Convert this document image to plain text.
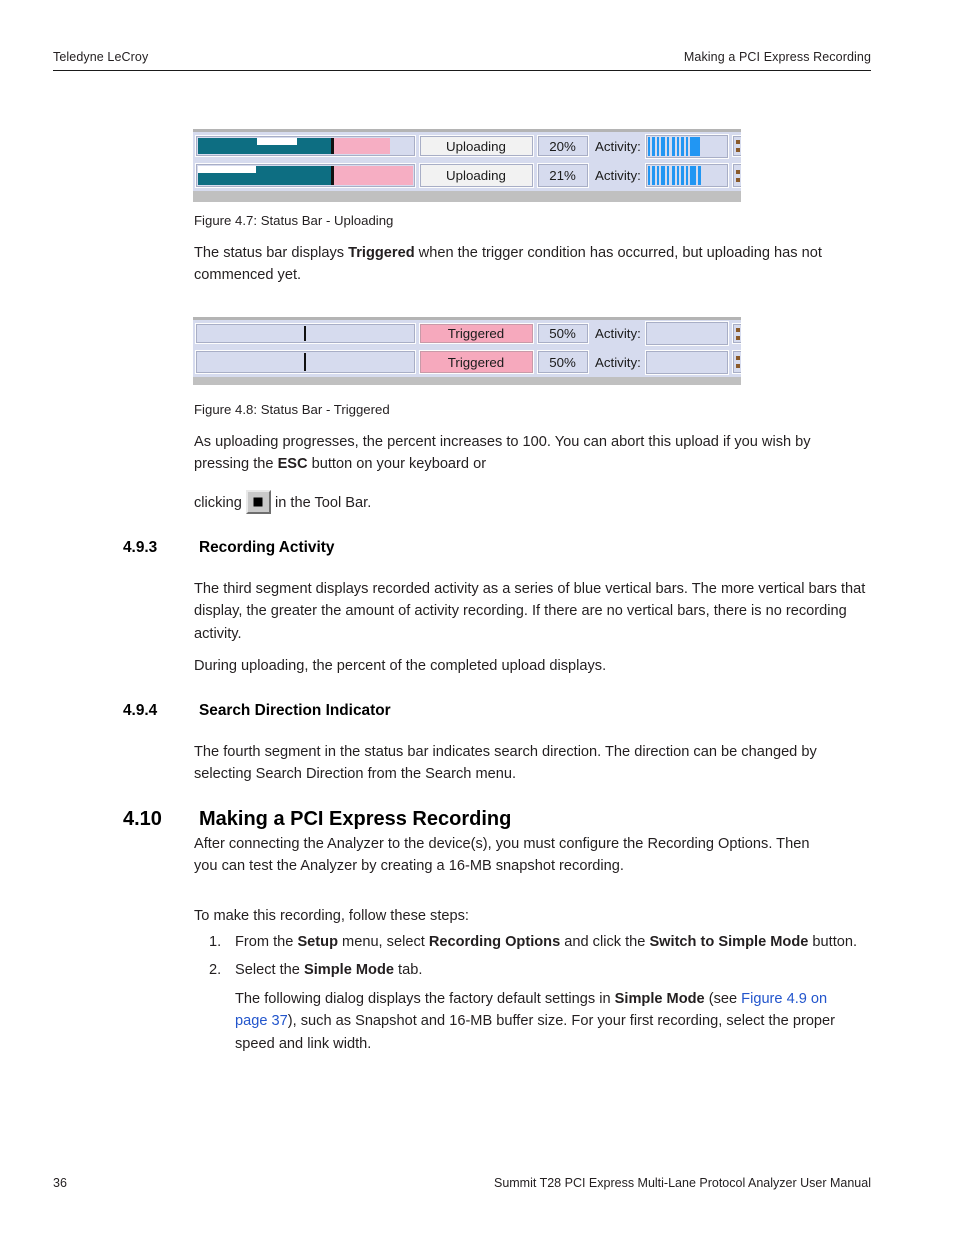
Teledyne LeCroy	Making a PCI Express Recording
Uploading	20%	Activity:
Uploading	21%	Activity:
Figure 4.7: Status Bar - Uploading

The status bar displays Triggered when the trigger condition has occurred, but uploading has not commenced yet.

Triggered	50%	Activity:
Triggered	50%	Activity:
Figure 4.8: Status Bar - Triggered

As uploading progresses, the percent increases to 100. You can abort this upload if you wish by pressing the ESC button on your keyboard or

clicking in the Tool Bar.
4.9.3	Recording Activity

The third segment displays recorded activity as a series of blue vertical bars. The more vertical bars that display, the greater the amount of activity recording. If there are no vertical bars, there is no recording activity.

During uploading, the percent of the completed upload displays.

4.9.4	Search Direction Indicator

The fourth segment in the status bar indicates search direction. The direction can be changed by selecting Search Direction from the Search menu.

4.10	Making a PCI Express Recording

After connecting the Analyzer to the device(s), you must configure the Recording Options. Then you can test the Analyzer by creating a 16-MB snapshot recording.

To make this recording, follow these steps:

1. From the Setup menu, select Recording Options and click the Switch to Simple Mode button.
2. Select the Simple Mode tab.
The following dialog displays the factory default settings in Simple Mode (see Figure 4.9 on page 37), such as Snapshot and 16-MB buffer size. For your first recording, select the proper speed and link width.
36	Summit T28 PCI Express Multi-Lane Protocol Analyzer User Manual
